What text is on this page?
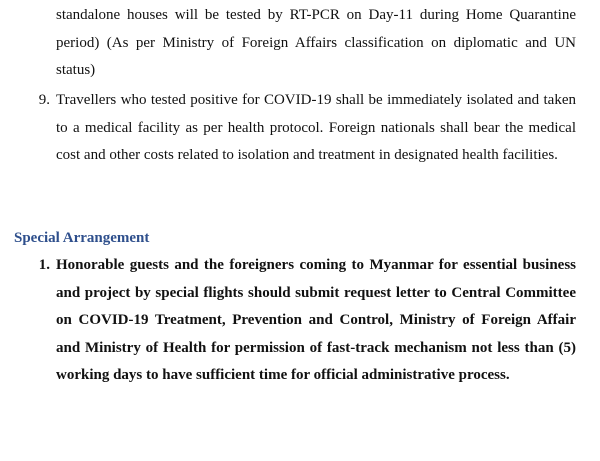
standalone houses will be tested by RT-PCR on Day-11 during Home Quarantine period) (As per Ministry of Foreign Affairs classification on diplomatic and UN status)
9. Travellers who tested positive for COVID-19 shall be immediately isolated and taken to a medical facility as per health protocol. Foreign nationals shall bear the medical cost and other costs related to isolation and treatment in designated health facilities.
Special Arrangement
1. Honorable guests and the foreigners coming to Myanmar for essential business and project by special flights should submit request letter to Central Committee on COVID-19 Treatment, Prevention and Control, Ministry of Foreign Affair and Ministry of Health for permission of fast-track mechanism not less than (5) working days to have sufficient time for official administrative process.
